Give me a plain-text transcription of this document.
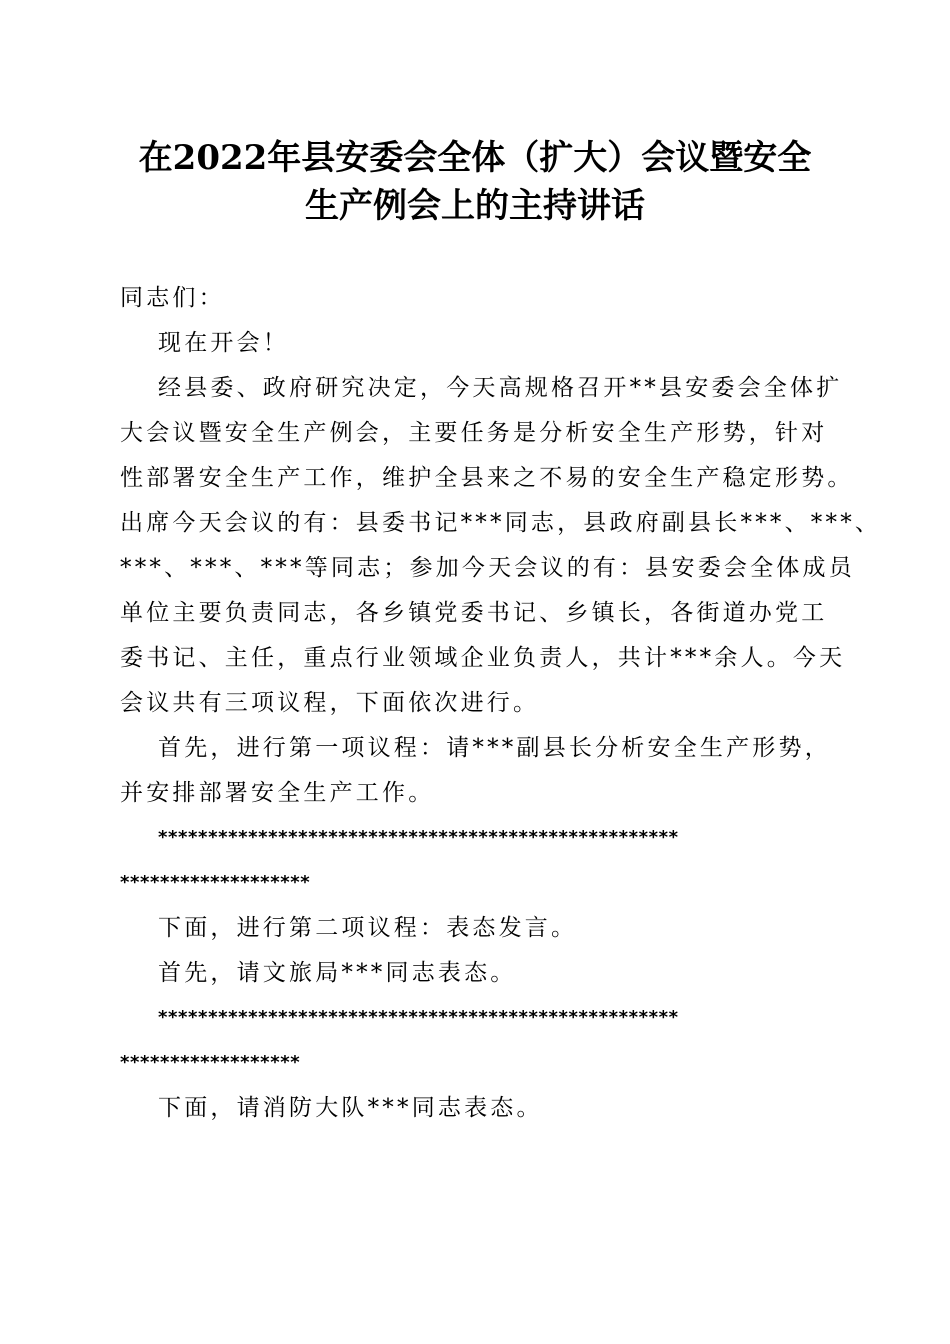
在2022年县安委会全体（扩大）会议暨安全
生产例会上的主持讲话

同志们：

现在开会！

经县委、政府研究决定，今天高规格召开**县安委会全体扩

大会议暨安全生产例会，主要任务是分析安全生产形势，针对

性部署安全生产工作，维护全县来之不易的安全生产稳定形势。

出席今天会议的有：县委书记***同志，县政府副县长***、***、

***、***、***等同志；参加今天会议的有：县安委会全体成员

单位主要负责同志，各乡镇党委书记、乡镇长，各街道办党工

委书记、主任，重点行业领域企业负责人，共计***余人。今天

会议共有三项议程，下面依次进行。

首先，进行第一项议程：请***副县长分析安全生产形势，

并安排部署安全生产工作。

****************************************************

*******************

下面，进行第二项议程：表态发言。

首先，请文旅局***同志表态。

****************************************************

******************

下面，请消防大队***同志表态。
